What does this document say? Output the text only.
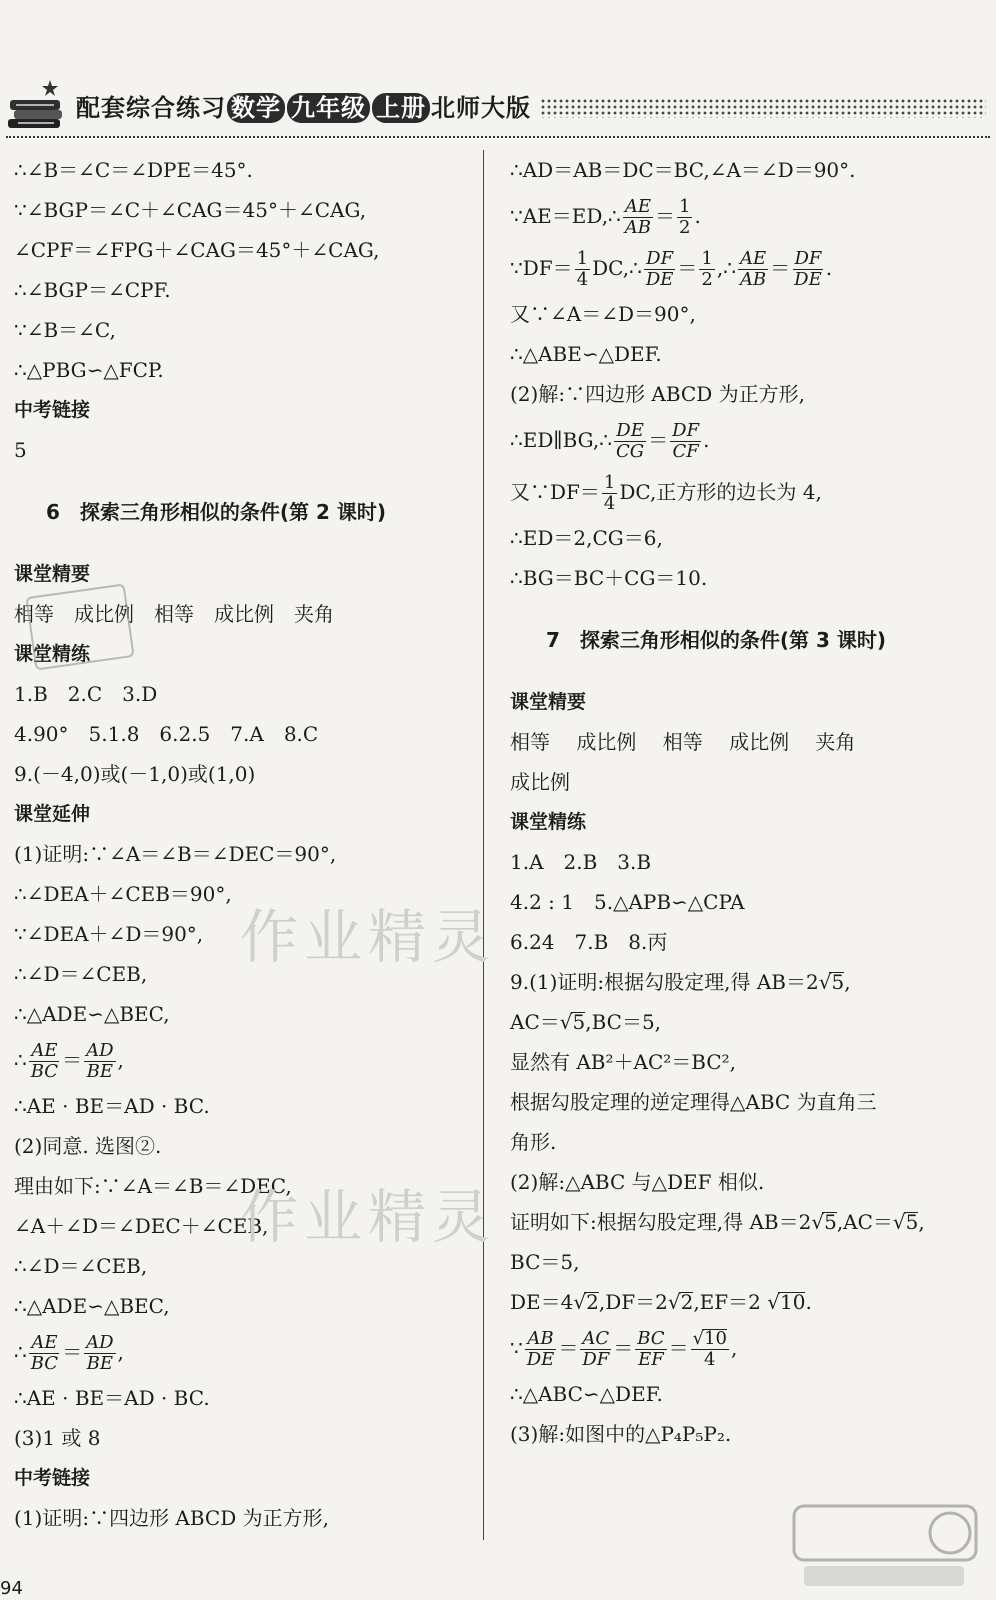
配套综合练习 数学 九年级 上册 北师大版
∴∠B＝∠C＝∠DPE＝45°.
∵∠BGP＝∠C＋∠CAG＝45°＋∠CAG,
∠CPF＝∠FPG＋∠CAG＝45°＋∠CAG,
∴∠BGP＝∠CPF.
∵∠B＝∠C,
∴△PBG∽△FCP.
中考链接
5
6　探索三角形相似的条件(第 2 课时)
课堂精要
相等　成比例　相等　成比例　夹角
课堂精练
1.B　2.C　3.D
4.90°　5.1.8　6.2.5　7.A　8.C
9.(－4,0)或(－1,0)或(1,0)
课堂延伸
(1)证明:∵∠A＝∠B＝∠DEC＝90°,
∴∠DEA＋∠CEB＝90°,
∵∠DEA＋∠D＝90°,
∴∠D＝∠CEB,
∴△ADE∽△BEC,
∴ $\frac{AE}{BC} = \frac{AD}{BE}$ ,
∴AE · BE＝AD · BC.
(2)同意. 选图②.
理由如下:∵∠A＝∠B＝∠DEC,
∠A＋∠D＝∠DEC＋∠CEB,
∴∠D＝∠CEB,
∴△ADE∽△BEC,
∴ $\frac{AE}{BC} = \frac{AD}{BE}$ ,
∴AE · BE＝AD · BC.
(3)1 或 8
中考链接
(1)证明:∵四边形 ABCD 为正方形,
∴AD＝AB＝DC＝BC,∠A＝∠D＝90°.
∵AE＝ED,∴ $\frac{AE}{AB} = \frac{1}{2}$ .
∵DF＝ $\frac{1}{4}$ DC,∴ $\frac{DF}{DE} = \frac{1}{2}$ ,∴ $\frac{AE}{AB} = \frac{DF}{DE}$ .
又∵∠A＝∠D＝90°,
∴△ABE∽△DEF.
(2)解:∵四边形 ABCD 为正方形,
∴ED∥BG,∴ $\frac{DE}{CG} = \frac{DF}{CF}$ .
又∵DF＝ $\frac{1}{4}$ DC,正方形的边长为 4,
∴ED＝2,CG＝6,
∴BG＝BC＋CG＝10.
7　探索三角形相似的条件(第 3 课时)
课堂精要
相等　 成比例　 相等　 成比例　 夹角
成比例
课堂精练
1.A　2.B　3.B
4.2 : 1　5.△APB∽△CPA
6.24　7.B　8.丙
9.(1)证明:根据勾股定理,得 AB＝2√5,
AC＝√5,BC＝5,
显然有 AB²＋AC²＝BC²,
根据勾股定理的逆定理得△ABC 为直角三
角形.
(2)解:△ABC 与△DEF 相似.
证明如下:根据勾股定理,得 AB＝2√5,AC＝√5,
BC＝5,
DE＝4√2,DF＝2√2,EF＝2 √10.
∵ $\frac{AB}{DE} = \frac{AC}{DF} = \frac{BC}{EF} = \frac{√10}{4}$ ,
∴△ABC∽△DEF.
(3)解:如图中的△P₄P₅P₂.
作业精灵
作业精灵
94
